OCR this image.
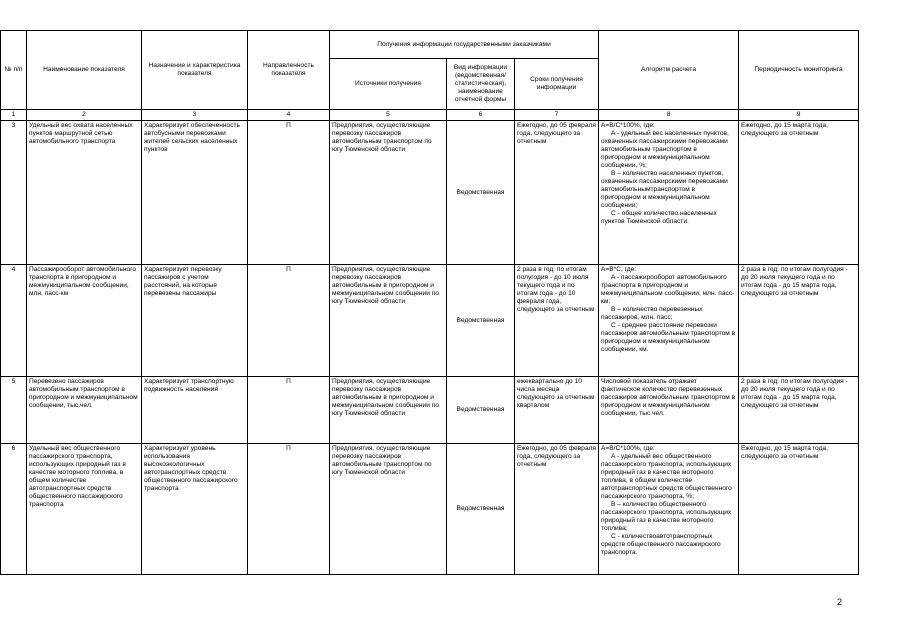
№ п/п	Наименование показателя	Назначение и характеристика показателя	Направленность показателя	Получения информации государственными заказчиками			Алгоритм расчета	Периодичность мониторинга
				Источники получения	Вид информации (ведомственная/статистическая), наименование отчетной формы	Сроки получения информации		
1	2	3	4	5	6	7	8	9
3	Удельный вес охвата населенных пунктов маршрутной сетью автомобильного транспорта	Характеризует обеспеченность автобусными перевозками жителей сельских населенных пунктов	П	Предприятия, осуществляющие перевозку пассажиров автомобильным транспортом по югу Тюменской области	Ведомственная	Ежегодно, до 05 февраля года, следующего за отчетным	A=B/C*100%, где:
A - удельный вес населенных пунктов, охваченных пассажирскими перевозками автомобильным транспортом в пригородном и межмуниципальном сообщении, %;
B – количество населенных пунктов, охваченных пассажирскими перевозками автомобильнымтранспортом в пригородном и межмуниципальном сообщении;
C - общее количество населенных пунктов Тюменской области.	Ежегодно, до 15 марта года, следующего за отчетным
4	Пассажирооборот автомобильного транспорта в пригородном и межмуниципальном сообщении, млн. пасс-км	Характеризует перевозку пассажиров с учетом расстояний, на которые перевезены пассажиры	П	Предприятия, осуществляющие перевозку пассажиров автомобильным в пригородном и межмуниципальном сообщении по югу Тюменской области	Ведомственная	2 раза в год: по итогам полугодия - до 10 июля текущего года и по итогам года - до 10 февраля года, следующего за отчетным	A=B*C, где:
A - пассажирооборот автомобильного транспорта в пригородном и межмуниципальном сообщении, млн. пасс-км;
B – количество перевезенных пассажиров, млн. пасс;
C - среднее расстояние перевозки пассажиров автомобильным транспортом в пригородном и межмуниципальном сообщении, км.	2 раза в год: по итогам полугодия - до 20 июля текущего года и по итогам года - до 15 марта года, следующего за отчетным
5	Перевезено пассажиров автомобильным транспортом в пригородном и межмуниципальном сообщении, тыс.чел.	Характеризует транспортную подвижность населения	П	Предприятия, осуществляющие перевозку пассажиров автомобильным в пригородном и межмуниципальном сообщении по югу Тюменской области	Ведомственная	ежеквартально до 10 числа месяца следующего за отчетным кварталом	Числовой показатель отражает фактическое количество перевезенных пассажиров автомобильным транспортом в пригородном и межмуниципальном сообщении, тыс.чел.	2 раза в год: по итогам полугодия - до 20 июля текущего года и по итогам года - до 15 марта года, следующего за отчетным
6	Удельный вес общественного пассажирского транспорта, использующих природный газ в качестве моторного топлива, в общем количестве автотранспортных средств общественного пассажирского транспорта	Характеризует уровень использования высокоэкологичных автотранспортных средств общественного пассажирского транспорта	П	Предприятия, осуществляющие перевозку пассажиров автомобильным транспортом по югу Тюменской области	Ведомственная	Ежегодно, до 05 февраля года, следующего за отчетным	A=B/C*100%, где:
A - удельный вес общественного пассажирского транспорта, использующих природный газ в качестве моторного топлива, в общем количестве автотранспортных средств общественного пассажирского транспорта, %;
B – количество общественного пассажирского транспорта, использующих природный газ в качестве моторного топлива;
C - количествоавтотранспортных средств общественного пассажирского транспорта.	Ежегодно, до 15 марта года, следующего за отчетным
2
